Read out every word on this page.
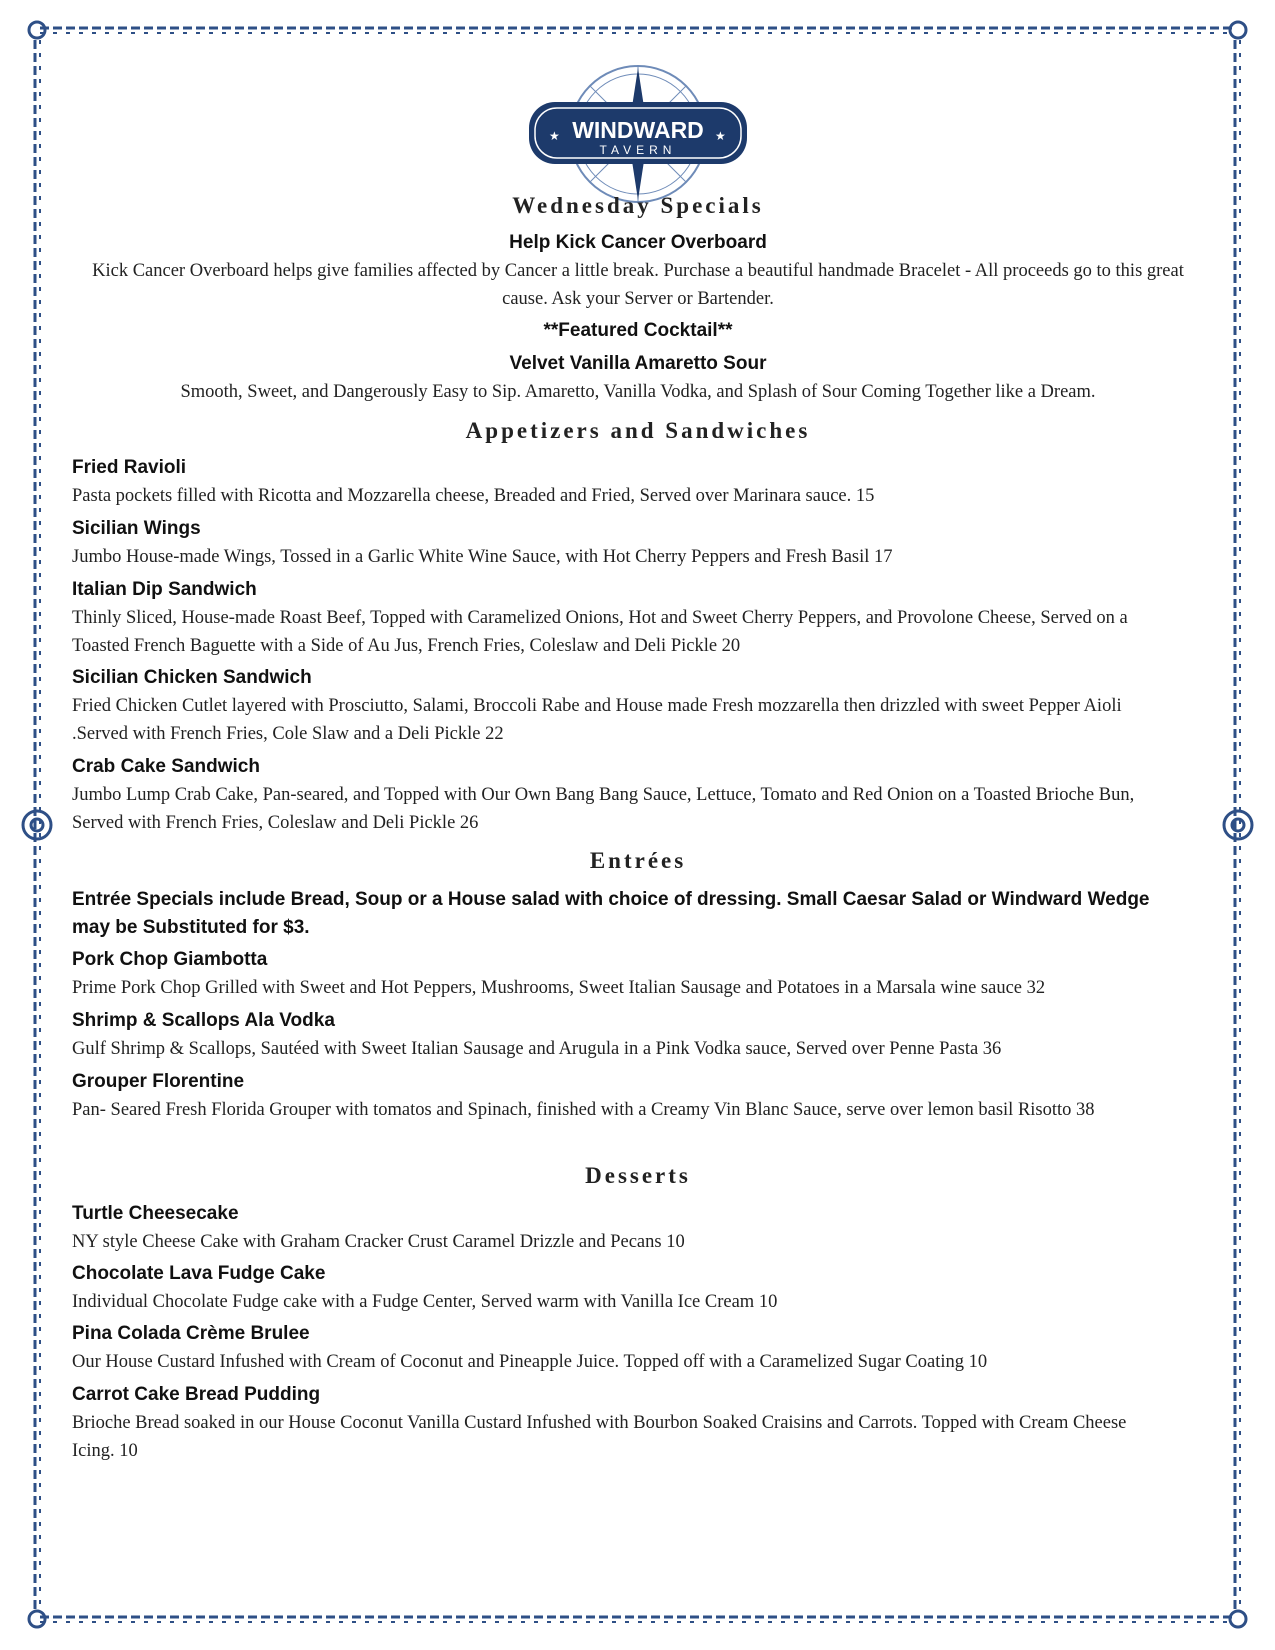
★	★
WINDWARD
TAVERN
Wednesday Specials
Help Kick Cancer Overboard
Kick Cancer Overboard helps give families affected by Cancer a little break. Purchase a beautiful handmade Bracelet - All proceeds go to this great cause. Ask your Server or Bartender.
**Featured Cocktail**
Velvet Vanilla Amaretto Sour
Smooth, Sweet, and Dangerously Easy to Sip. Amaretto, Vanilla Vodka, and Splash of Sour Coming Together like a Dream.
Appetizers and Sandwiches
Fried Ravioli
Pasta pockets filled with Ricotta and Mozzarella cheese, Breaded and Fried, Served over Marinara sauce. 15
Sicilian Wings
Jumbo House-made Wings, Tossed in a Garlic White Wine Sauce, with Hot Cherry Peppers and Fresh Basil 17
Italian Dip Sandwich
Thinly Sliced, House-made Roast Beef, Topped with Caramelized Onions, Hot and Sweet Cherry Peppers, and Provolone Cheese, Served on a Toasted French Baguette with a Side of Au Jus, French Fries, Coleslaw and Deli Pickle 20
Sicilian Chicken Sandwich
Fried Chicken Cutlet layered with Prosciutto, Salami, Broccoli Rabe and House made Fresh mozzarella then drizzled with sweet Pepper Aioli .Served with French Fries, Cole Slaw and a Deli Pickle 22
Crab Cake Sandwich
Jumbo Lump Crab Cake, Pan-seared, and Topped with Our Own Bang Bang Sauce, Lettuce, Tomato and Red Onion on a Toasted Brioche Bun, Served with French Fries, Coleslaw and Deli Pickle 26
Entrées
Entrée Specials include Bread, Soup or a House salad with choice of dressing. Small Caesar Salad or Windward Wedge may be Substituted for $3.
Pork Chop Giambotta
Prime Pork Chop Grilled with Sweet and Hot Peppers, Mushrooms, Sweet Italian Sausage and Potatoes in a Marsala wine sauce 32
Shrimp & Scallops Ala Vodka
Gulf Shrimp & Scallops, Sautéed with Sweet Italian Sausage and Arugula in a Pink Vodka sauce, Served over Penne Pasta 36
Grouper Florentine
Pan- Seared Fresh Florida Grouper with tomatos and Spinach, finished with a Creamy Vin Blanc Sauce, serve over lemon basil Risotto 38
Desserts
Turtle Cheesecake
NY style Cheese Cake with Graham Cracker Crust Caramel Drizzle and Pecans 10
Chocolate Lava Fudge Cake
Individual Chocolate Fudge cake with a Fudge Center, Served warm with Vanilla Ice Cream 10
Pina Colada Crème Brulee
Our House Custard Infushed with Cream of Coconut and Pineapple Juice. Topped off with a Caramelized Sugar Coating 10
Carrot Cake Bread Pudding
Brioche Bread soaked in our House Coconut Vanilla Custard Infushed with Bourbon Soaked Craisins and Carrots. Topped with Cream Cheese Icing. 10
